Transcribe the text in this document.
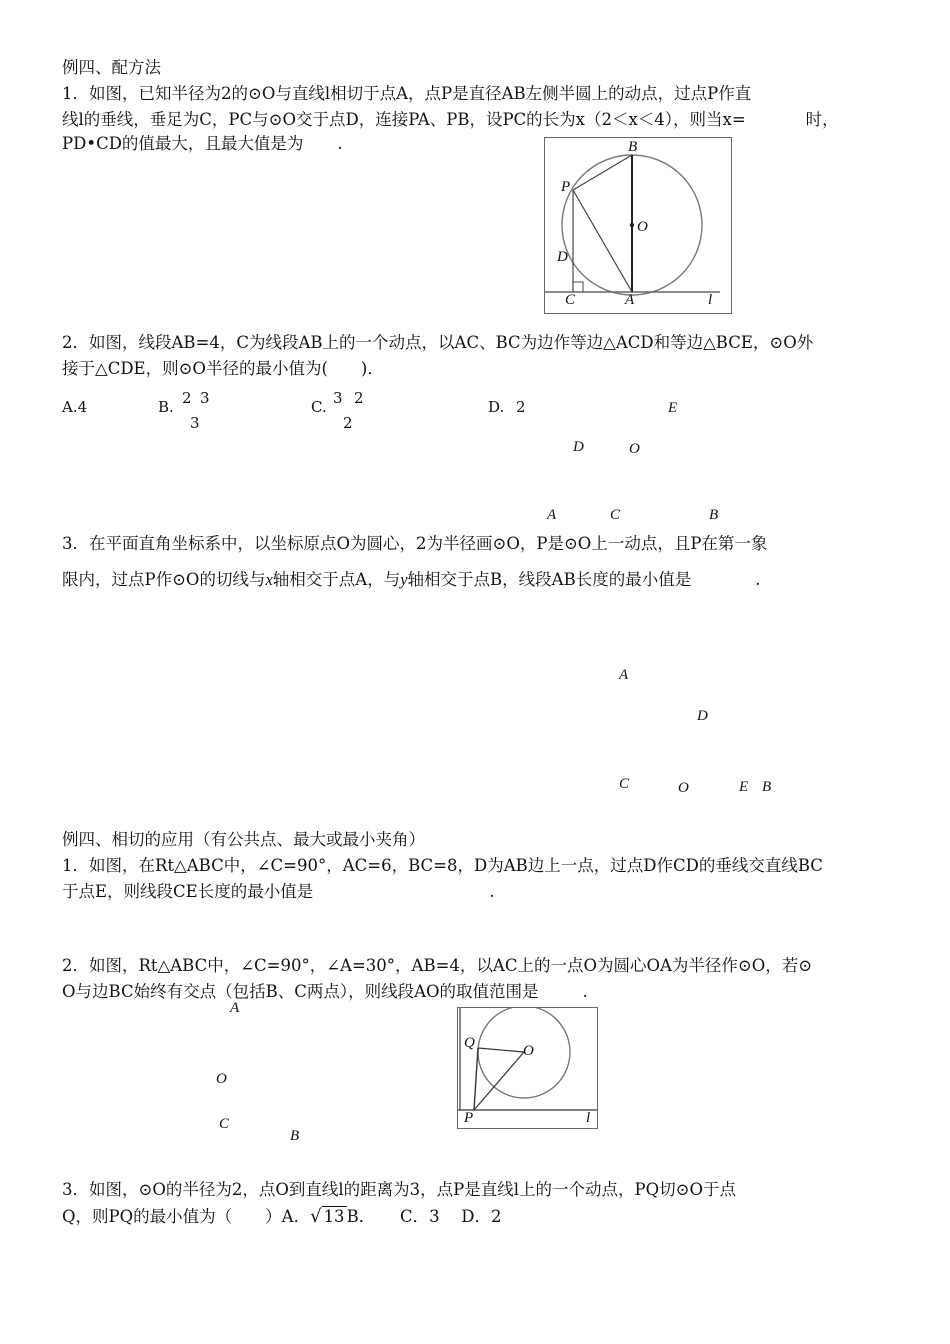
例四、配方法
1．如图，已知半径为2的⊙O与直线l相切于点A，点P是直径AB左侧半圆上的动点，过点P作直
线l的垂线，垂足为C，PC与⊙O交于点D，连接PA、PB，设PC的长为x（2＜x＜4），则当x=	时，
PD•CD的值最大，且最大值是为 .	B
P
O
D
C	A	l
2．如图，线段AB=4，C为线段AB上的一个动点，以AC、BC为边作等边△ACD和等边△BCE，⊙O外
接于△CDE，则⊙O半径的最小值为(　　)．
A.4	B. 2 3
3
C. 3 2
2
D. 2	E
D	O
A	C	B
3．在平面直角坐标系中，以坐标原点O为圆心，2为半径画⊙O，P是⊙O上一动点，且P在第一象
限内，过点P作⊙O的切线与x轴相交于点A，与y轴相交于点B，线段AB长度的最小值是	.
A
D
C	O	E B
例四、相切的应用（有公共点、最大或最小夹角）
1．如图，在Rt△ABC中，∠C=90°，AC=6，BC=8，D为AB边上一点，过点D作CD的垂线交直线BC
于点E，则线段CE长度的最小值是	.
2．如图，Rt△ABC中，∠C=90°，∠A=30°，AB=4，以AC上的一点O为圆心OA为半径作⊙O，若⊙
O与边BC始终有交点（包括B、C两点），则线段AO的取值范围是	.
A
O
C
B
Q	O
P	l
3．如图，⊙O的半径为2，点O到直线l的距离为3，点P是直线l上的一个动点，PQ切⊙O于点
Q，则PQ的最小值为（　　）A．√ 13 B．　　C．3　 D．2
